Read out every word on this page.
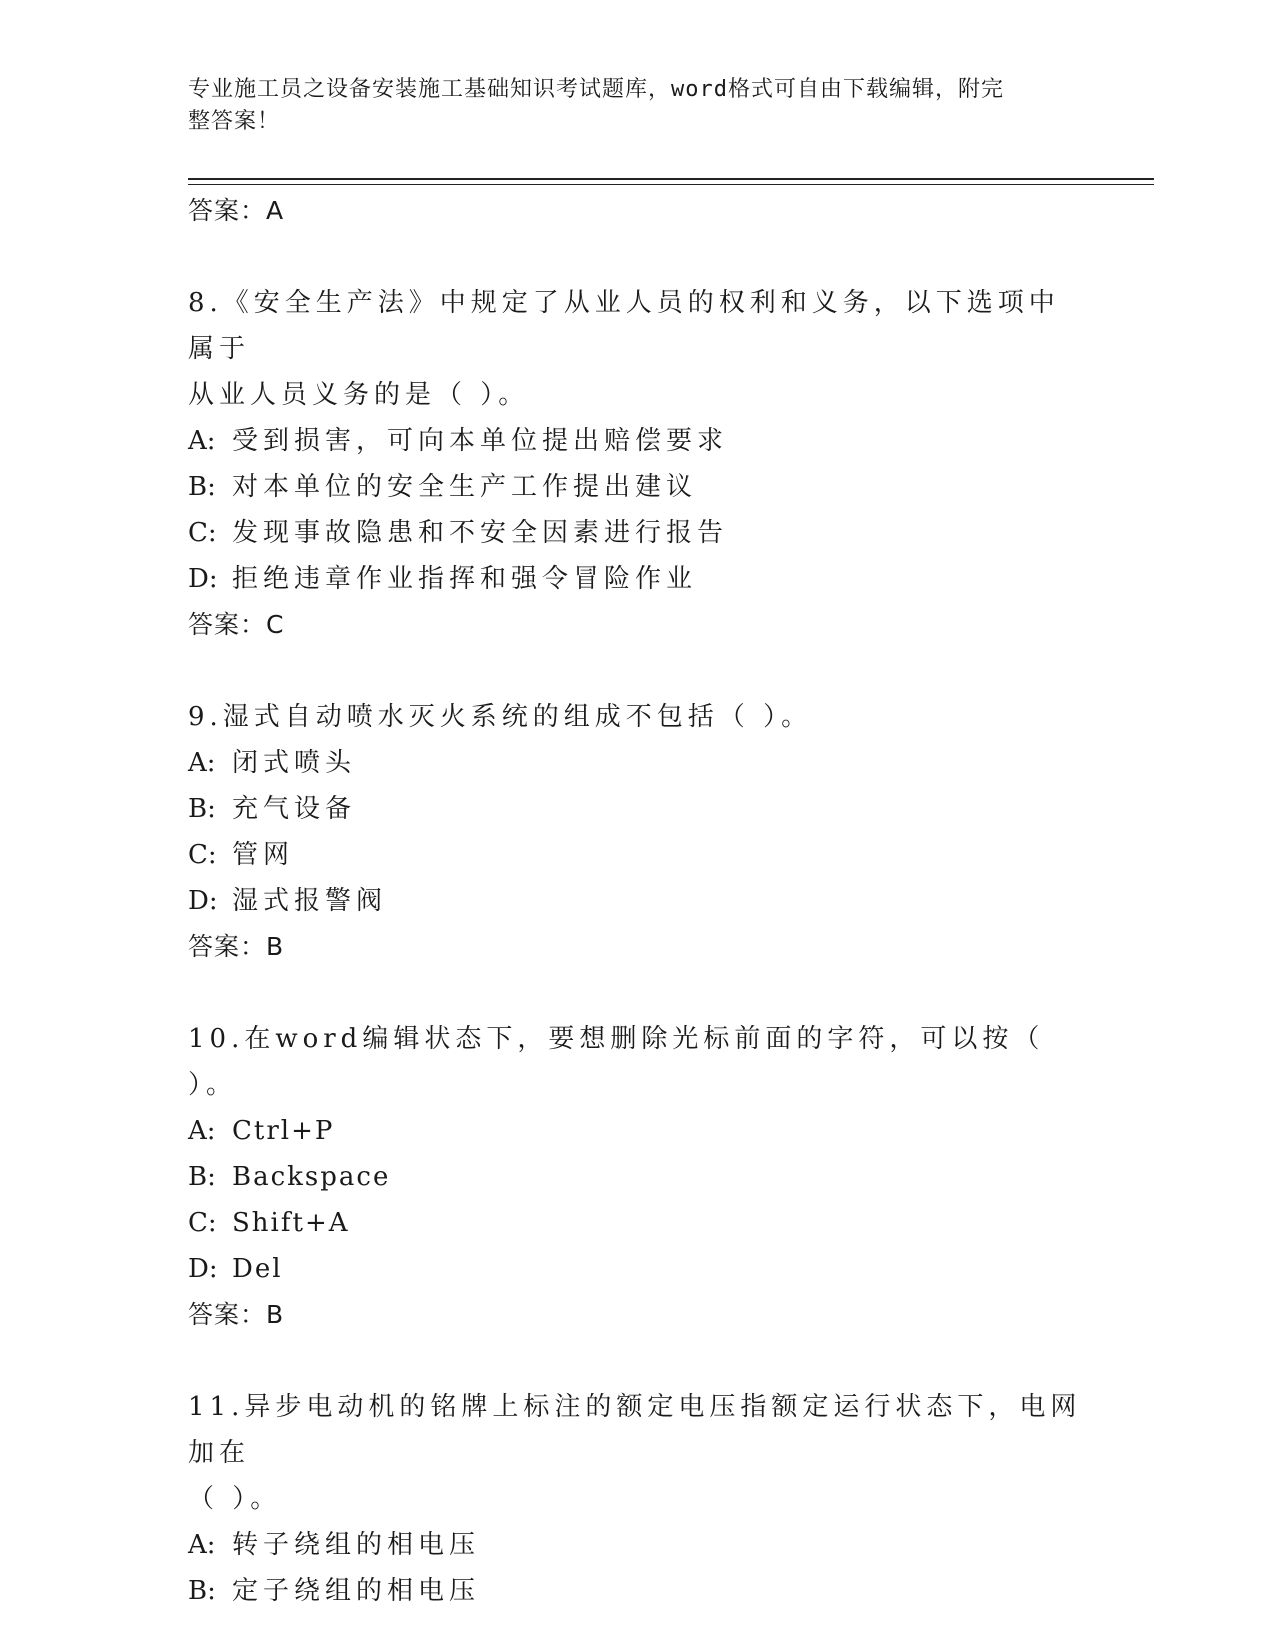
专业施工员之设备安装施工基础知识考试题库，word格式可自由下载编辑，附完
整答案！
答案：A
8.《安全生产法》中规定了从业人员的权利和义务，以下选项中属于
从业人员义务的是（ ）。
A: 受到损害，可向本单位提出赔偿要求
B: 对本单位的安全生产工作提出建议
C: 发现事故隐患和不安全因素进行报告
D: 拒绝违章作业指挥和强令冒险作业
答案：C
9.湿式自动喷水灭火系统的组成不包括（ ）。
A: 闭式喷头
B: 充气设备
C: 管网
D: 湿式报警阀
答案：B
10.在word编辑状态下，要想删除光标前面的字符，可以按（ ）。
A: Ctrl+P
B: Backspace
C: Shift+A
D: Del
答案：B
11.异步电动机的铭牌上标注的额定电压指额定运行状态下，电网加在
（ ）。
A: 转子绕组的相电压
B: 定子绕组的相电压
